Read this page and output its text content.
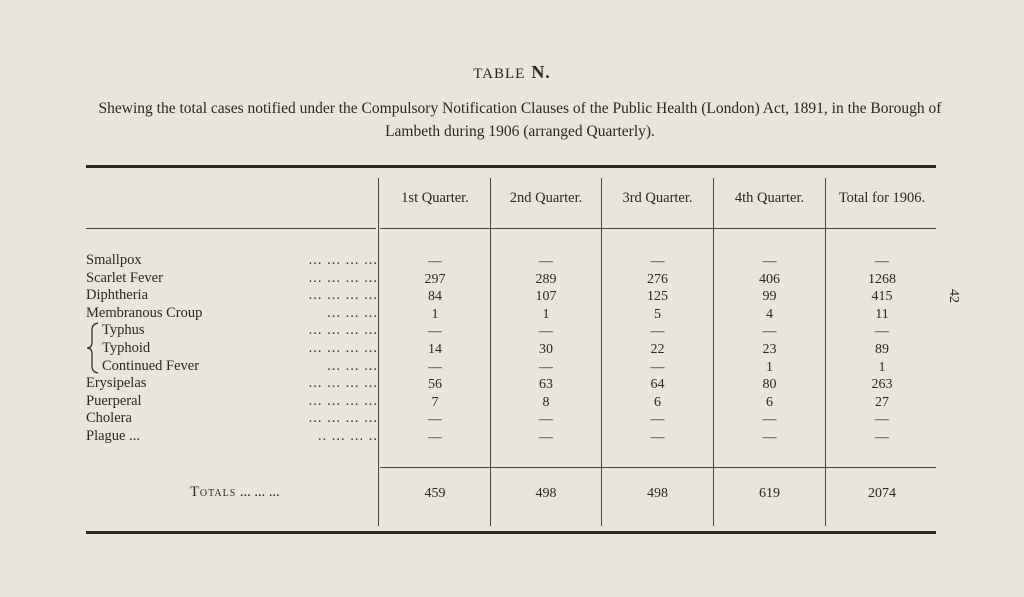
TABLE N.
Shewing the total cases notified under the Compulsory Notification Clauses of the Public Health (London) Act, 1891, in the Borough of Lambeth during 1906 (arranged Quarterly).
1st Quarter.	2nd Quarter.	3rd Quarter.	4th Quarter.	Total for 1906.
Smallpox	... ... ... ...	—	—	—	—	—
Scarlet Fever	... ... ... ...	297	289	276	406	1268
Diphtheria	... ... ... ...	84	107	125	99	415
Membranous Croup	... ... ...	1	1	5	4	11
Typhus	... ... ... ...	—	—	—	—	—
Typhoid	... ... ... ...	14	30	22	23	89
Continued Fever	... ... ...	—	—	—	1	1
Erysipelas	... ... ... ...	56	63	64	80	263
Puerperal	... ... ... ...	7	8	6	6	27
Cholera	... ... ... ...	—	—	—	—	—
Plague ...	.. ... ... ..	—	—	—	—	—
Totals ... ... ...	459	498	498	619	2074
42
